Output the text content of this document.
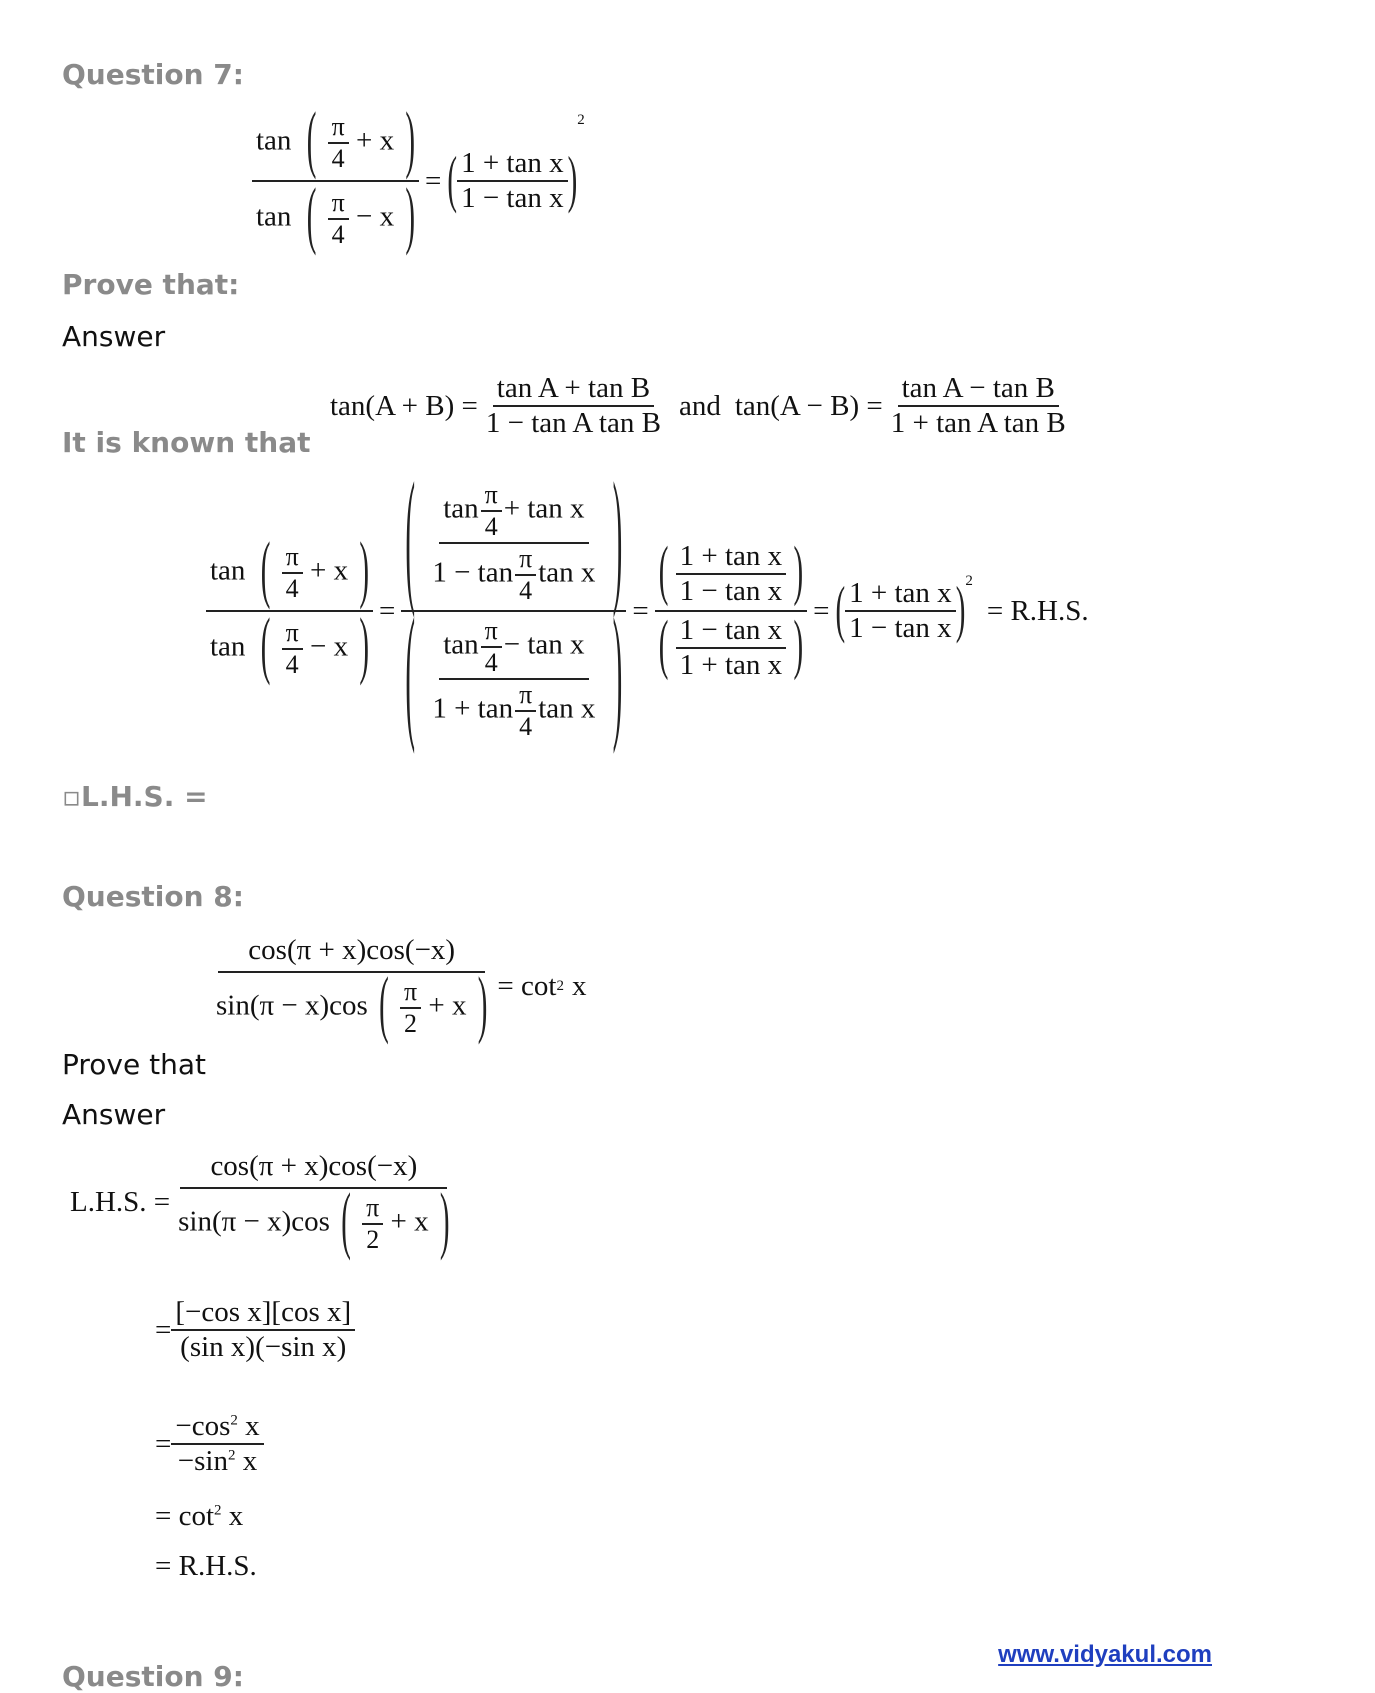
Question 7:
$\frac{\tan ( \frac{\pi}{4} + x )}{\tan ( \frac{\pi}{4} - x )}$ = ( $\frac{\text{1 + tan x}}{\text{1 − tan x}}$ )
2
Prove that:
Answer
It is known that
$\tan(A + B) = \frac{\text{tan A + tan B}}{\text{1 − tan A tan B}}$ and $\tan(A - B) = \frac{\text{tan A − tan B}}{\text{1 + tan A tan B}}$
▫L.H.S. =
$\frac{\tan ( \frac{\pi}{4} + x )}{\tan ( \frac{\pi}{4} - x )}$ = ( $\frac{\tan \frac{\pi}{4} + \tan x}{1 - \tan \frac{\pi}{4} \tan x}$ )
( $\frac{\tan \frac{\pi}{4} - \tan x}{1 + \tan \frac{\pi}{4} \tan x}$ ) = $\frac{( \frac{\text{1 + tan x}}{\text{1 − tan x}} )}{( \frac{\text{1 − tan x}}{\text{1 + tan x}} )}$ = ( $\frac{\text{1 + tan x}}{\text{1 − tan x}} )^2$
= R.H.S.
Question 8:
$\frac{\cos(\pi + x)\cos(-x)}{\sin(\pi - x)\cos ( \frac{\pi}{2} + x )} = \cot 2$ x
Prove that
Answer
L.H.S. = $\frac{\cos(\pi + x)\cos(-x)}{\sin(\pi - x)\cos ( \frac{\pi}{2} + x )}$
= $\frac{\text{[−cos x][cos x]}}{\text{(sin x)(−sin x)}}$
= $\frac{-\cos^2 x}{-\sin^2 x}$
= $\cot^2 x$
= R.H.S.
Question 9:
www.vidyakul.com
